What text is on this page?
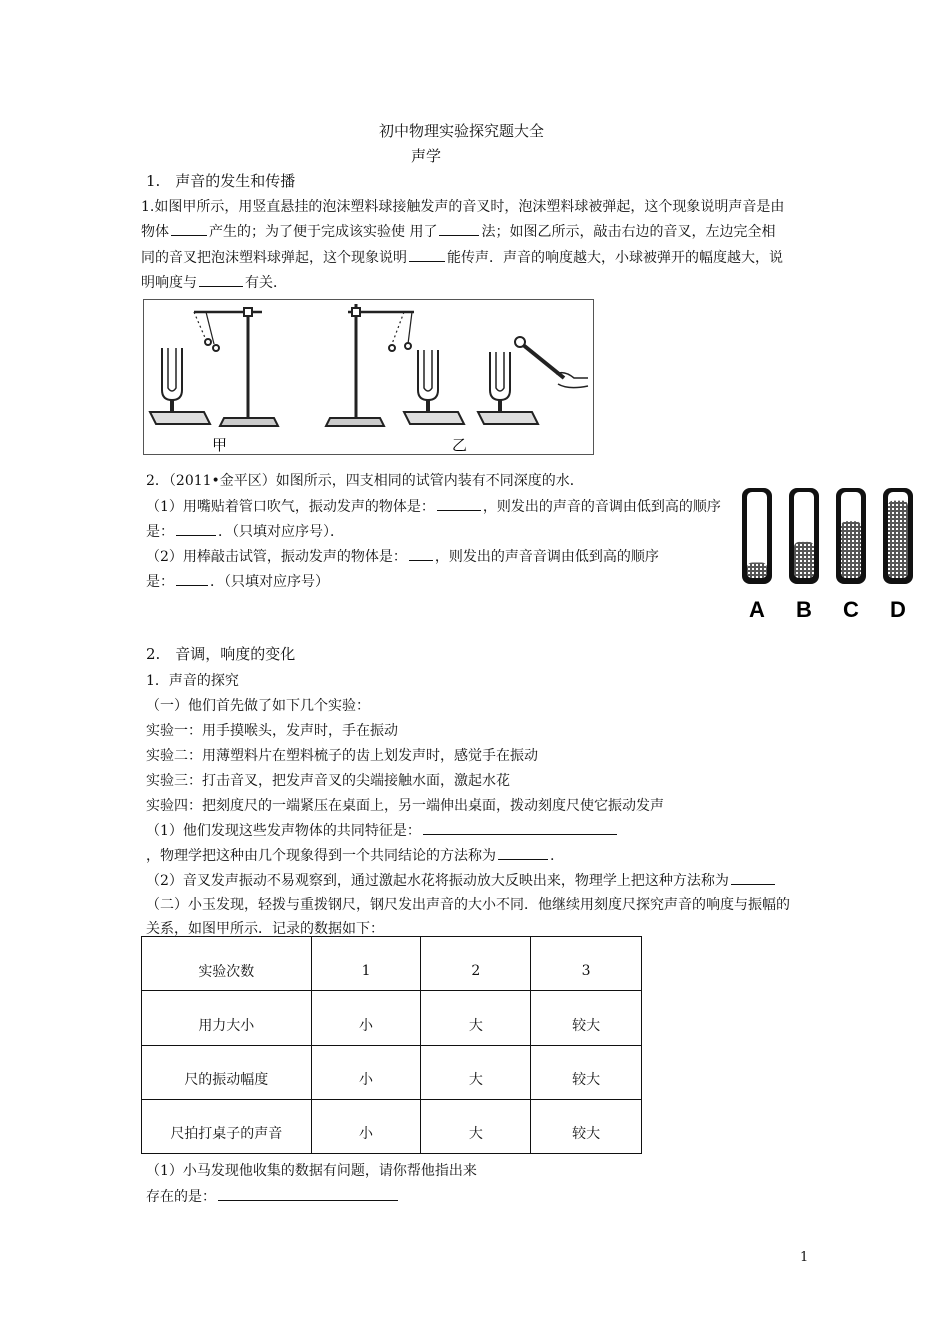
初中物理实验探究题大全
声学
1.　声音的发生和传播
1.如图甲所示，用竖直悬挂的泡沫塑料球接触发声的音叉时，泡沫塑料球被弹起，这个现象说明声音是由
物体	产生的；为了便于完成该实验使 用了	法；如图乙所示，敲击右边的音叉，左边完全相
同的音叉把泡沫塑料球弹起，这个现象说明	能传声．声音的响度越大，小球被弹开的幅度越大，说
明响度与	有关．
甲	乙
2．（2011•金平区）如图所示，四支相同的试管内装有不同深度的水．
（1）用嘴贴着管口吹气，振动发声的物体是：	，则发出的声音的音调由低到高的顺序
是：	．（只填对应序号）．
（2）用棒敲击试管，振动发声的物体是： ，则发出的声音音调由低到高的顺序
是：	．（只填对应序号）
A B C D
2.　音调，响度的变化
1．声音的探究
（一）他们首先做了如下几个实验：
实验一：用手摸喉头，发声时，手在振动
实验二：用薄塑料片在塑料梳子的齿上划发声时，感觉手在振动
实验三：打击音叉，把发声音叉的尖端接触水面，激起水花
实验四：把刻度尺的一端紧压在桌面上，另一端伸出桌面，拨动刻度尺使它振动发声
（1）他们发现这些发声物体的共同特征是：
，物理学把这种由几个现象得到一个共同结论的方法称为	.
（2）音叉发声振动不易观察到，通过激起水花将振动放大反映出来，物理学上把这种方法称为
（二）小玉发现，轻拨与重拨钢尺，钢尺发出声音的大小不同．他继续用刻度尺探究声音的响度与振幅的
关系，如图甲所示．记录的数据如下：
实验次数	1	2	3
用力大小	小	大	较大
尺的振动幅度	小	大	较大
尺拍打桌子的声音	小	大	较大
（1）小马发现他收集的数据有问题，请你帮他指出来
存在的是：
1
